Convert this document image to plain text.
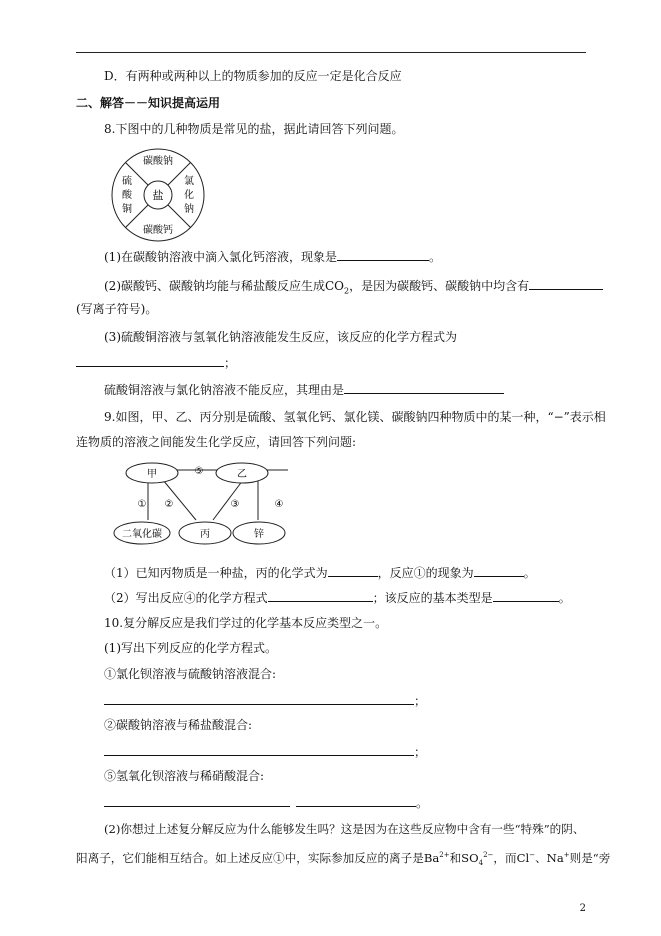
D．有两种或两种以上的物质参加的反应一定是化合反应
二、解答－－知识提高运用
8.下图中的几种物质是常见的盐，据此请回答下列问题。
碳酸钠
碳酸钙
盐
硫
酸
铜
氯
化
钠
(1)在碳酸钠溶液中滴入氯化钙溶液，现象是	。
(2)碳酸钙、碳酸钠均能与稀盐酸反应生成$CO_2$，是因为碳酸钙、碳酸钠中均含有
(写离子符号)。
(3)硫酸铜溶液与氢氧化钠溶液能发生反应，该反应的化学方程式为
；
硫酸铜溶液与氯化钠溶液不能反应，其理由是
9.如图，甲、乙、丙分别是硫酸、氢氧化钙、氯化镁、碳酸钠四种物质中的某一种，“−”表示相
连物质的溶液之间能发生化学反应，请回答下列问题:
甲	乙
二氧化碳	丙	锌
⑤
① ②	③	④
（1）已知丙物质是一种盐，丙的化学式为	，反应①的现象为	。
（2）写出反应④的化学方程式	；该反应的基本类型是	。
10.复分解反应是我们学过的化学基本反应类型之一。
(1)写出下列反应的化学方程式。
①氯化钡溶液与硫酸钠溶液混合:
；
②碳酸钠溶液与稀盐酸混合:
；
⑤氢氧化钡溶液与稀硝酸混合:
。
(2)你想过上述复分解反应为什么能够发生吗？这是因为在这些反应物中含有一些“特殊”的阴、
阳离子，它们能相互结合。如上述反应①中，实际参加反应的离子是$Ba^{2+}$和$SO_4^{2-}$，而Cl−、Na+则是“旁
2
